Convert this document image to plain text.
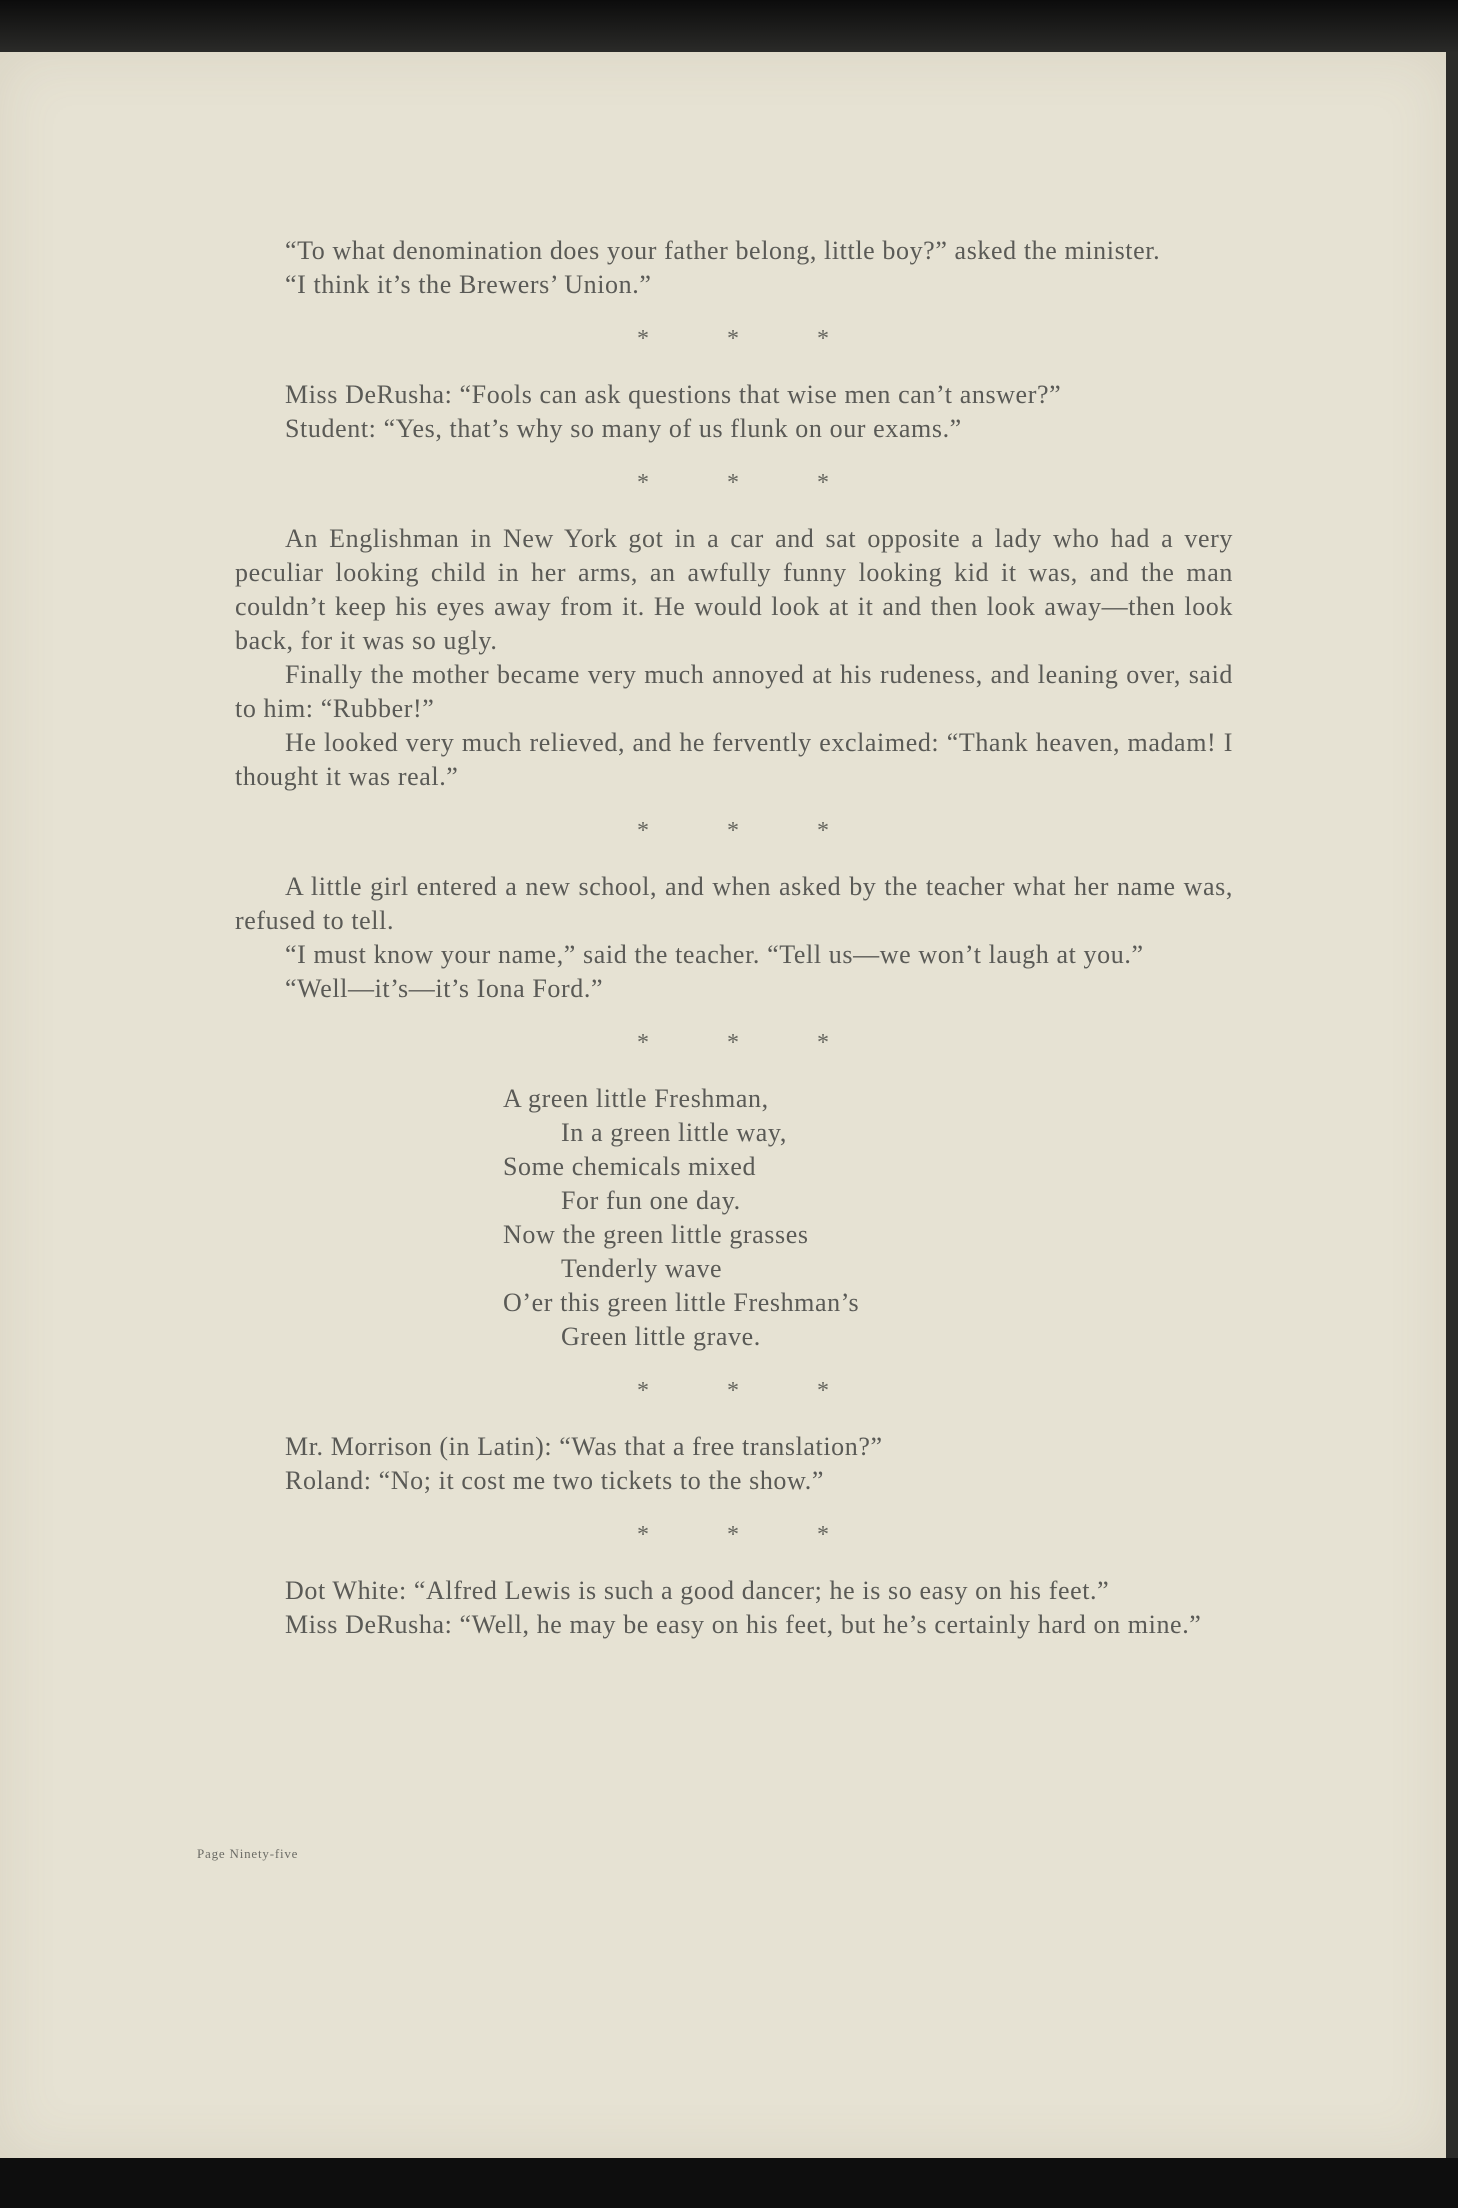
“To what denomination does your father belong, little boy?” asked the minister.

“I think it’s the Brewers’ Union.”

* * *

Miss DeRusha: “Fools can ask questions that wise men can’t answer?”

Student: “Yes, that’s why so many of us flunk on our exams.”

* * *

An Englishman in New York got in a car and sat opposite a lady who had a very peculiar looking child in her arms, an awfully funny looking kid it was, and the man couldn’t keep his eyes away from it. He would look at it and then look away—then look back, for it was so ugly.

Finally the mother became very much annoyed at his rudeness, and leaning over, said to him: “Rubber!”

He looked very much relieved, and he fervently exclaimed: “Thank heaven, madam! I thought it was real.”

* * *

A little girl entered a new school, and when asked by the teacher what her name was, refused to tell.

“I must know your name,” said the teacher. “Tell us—we won’t laugh at you.”

“Well—it’s—it’s Iona Ford.”

* * *
A green little Freshman,
In a green little way,
Some chemicals mixed
For fun one day.
Now the green little grasses
Tenderly wave
O’er this green little Freshman’s
Green little grave.
* * *

Mr. Morrison (in Latin): “Was that a free translation?”

Roland: “No; it cost me two tickets to the show.”

* * *

Dot White: “Alfred Lewis is such a good dancer; he is so easy on his feet.”

Miss DeRusha: “Well, he may be easy on his feet, but he’s certainly hard on mine.”

Page Ninety-five
